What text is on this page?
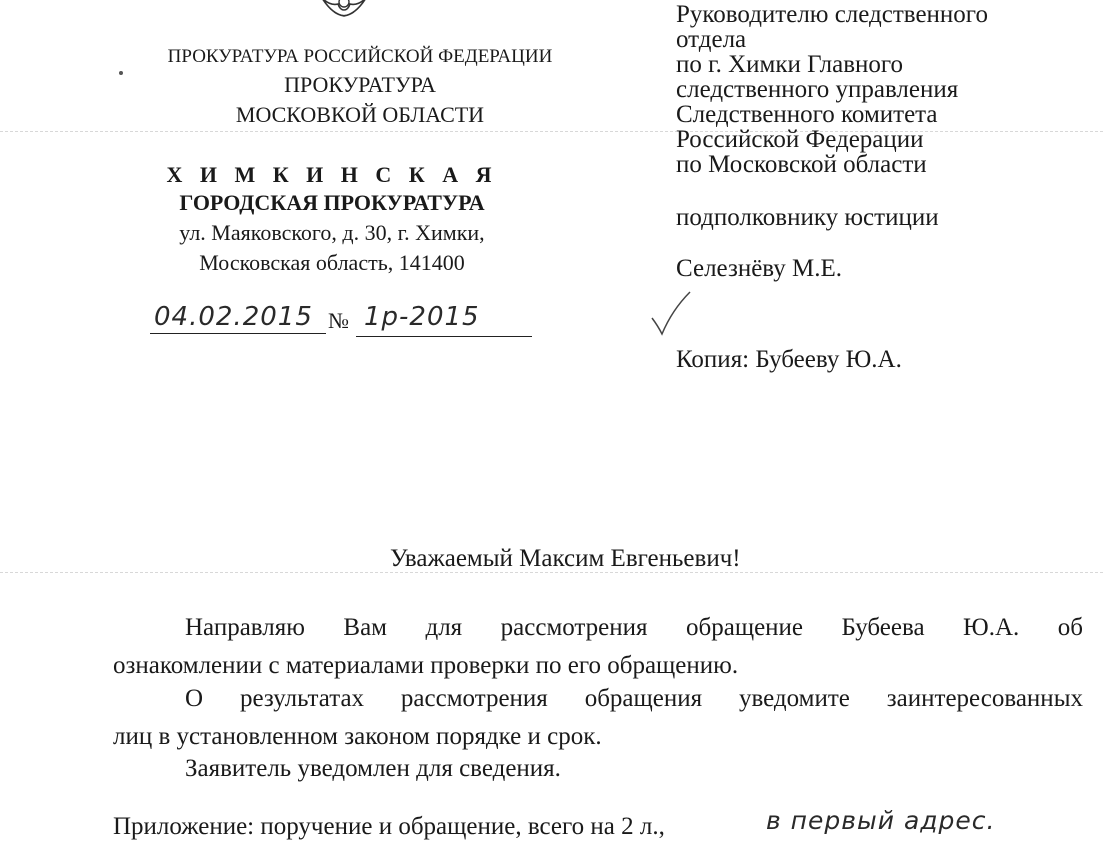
ПРОКУРАТУРА РОССИЙСКОЙ ФЕДЕРАЦИИ
ПРОКУРАТУРА
МОСКОВКОЙ ОБЛАСТИ
Х И М К И Н С К А Я
ГОРОДСКАЯ ПРОКУРАТУРА
ул. Маяковского, д. 30, г. Химки,
Московская область, 141400
04.02.2015 № 1р-2015
Руководителю следственного
отдела
по г. Химки Главного
следственного управления
Следственного комитета
Российской Федерации
по Московской области
подполковнику юстиции
Селезнёву М.Е.
Копия: Бубееву Ю.А.
Уважаемый Максим Евгеньевич!
Направляю Вам для рассмотрения обращение Бубеева Ю.А. об
ознакомлении с материалами проверки по его обращению.
О результатах рассмотрения обращения уведомите заинтересованных
лиц в установленном законом порядке и срок.
Заявитель уведомлен для сведения.
Приложение: поручение и обращение, всего на 2 л.,	в первый адрес.
